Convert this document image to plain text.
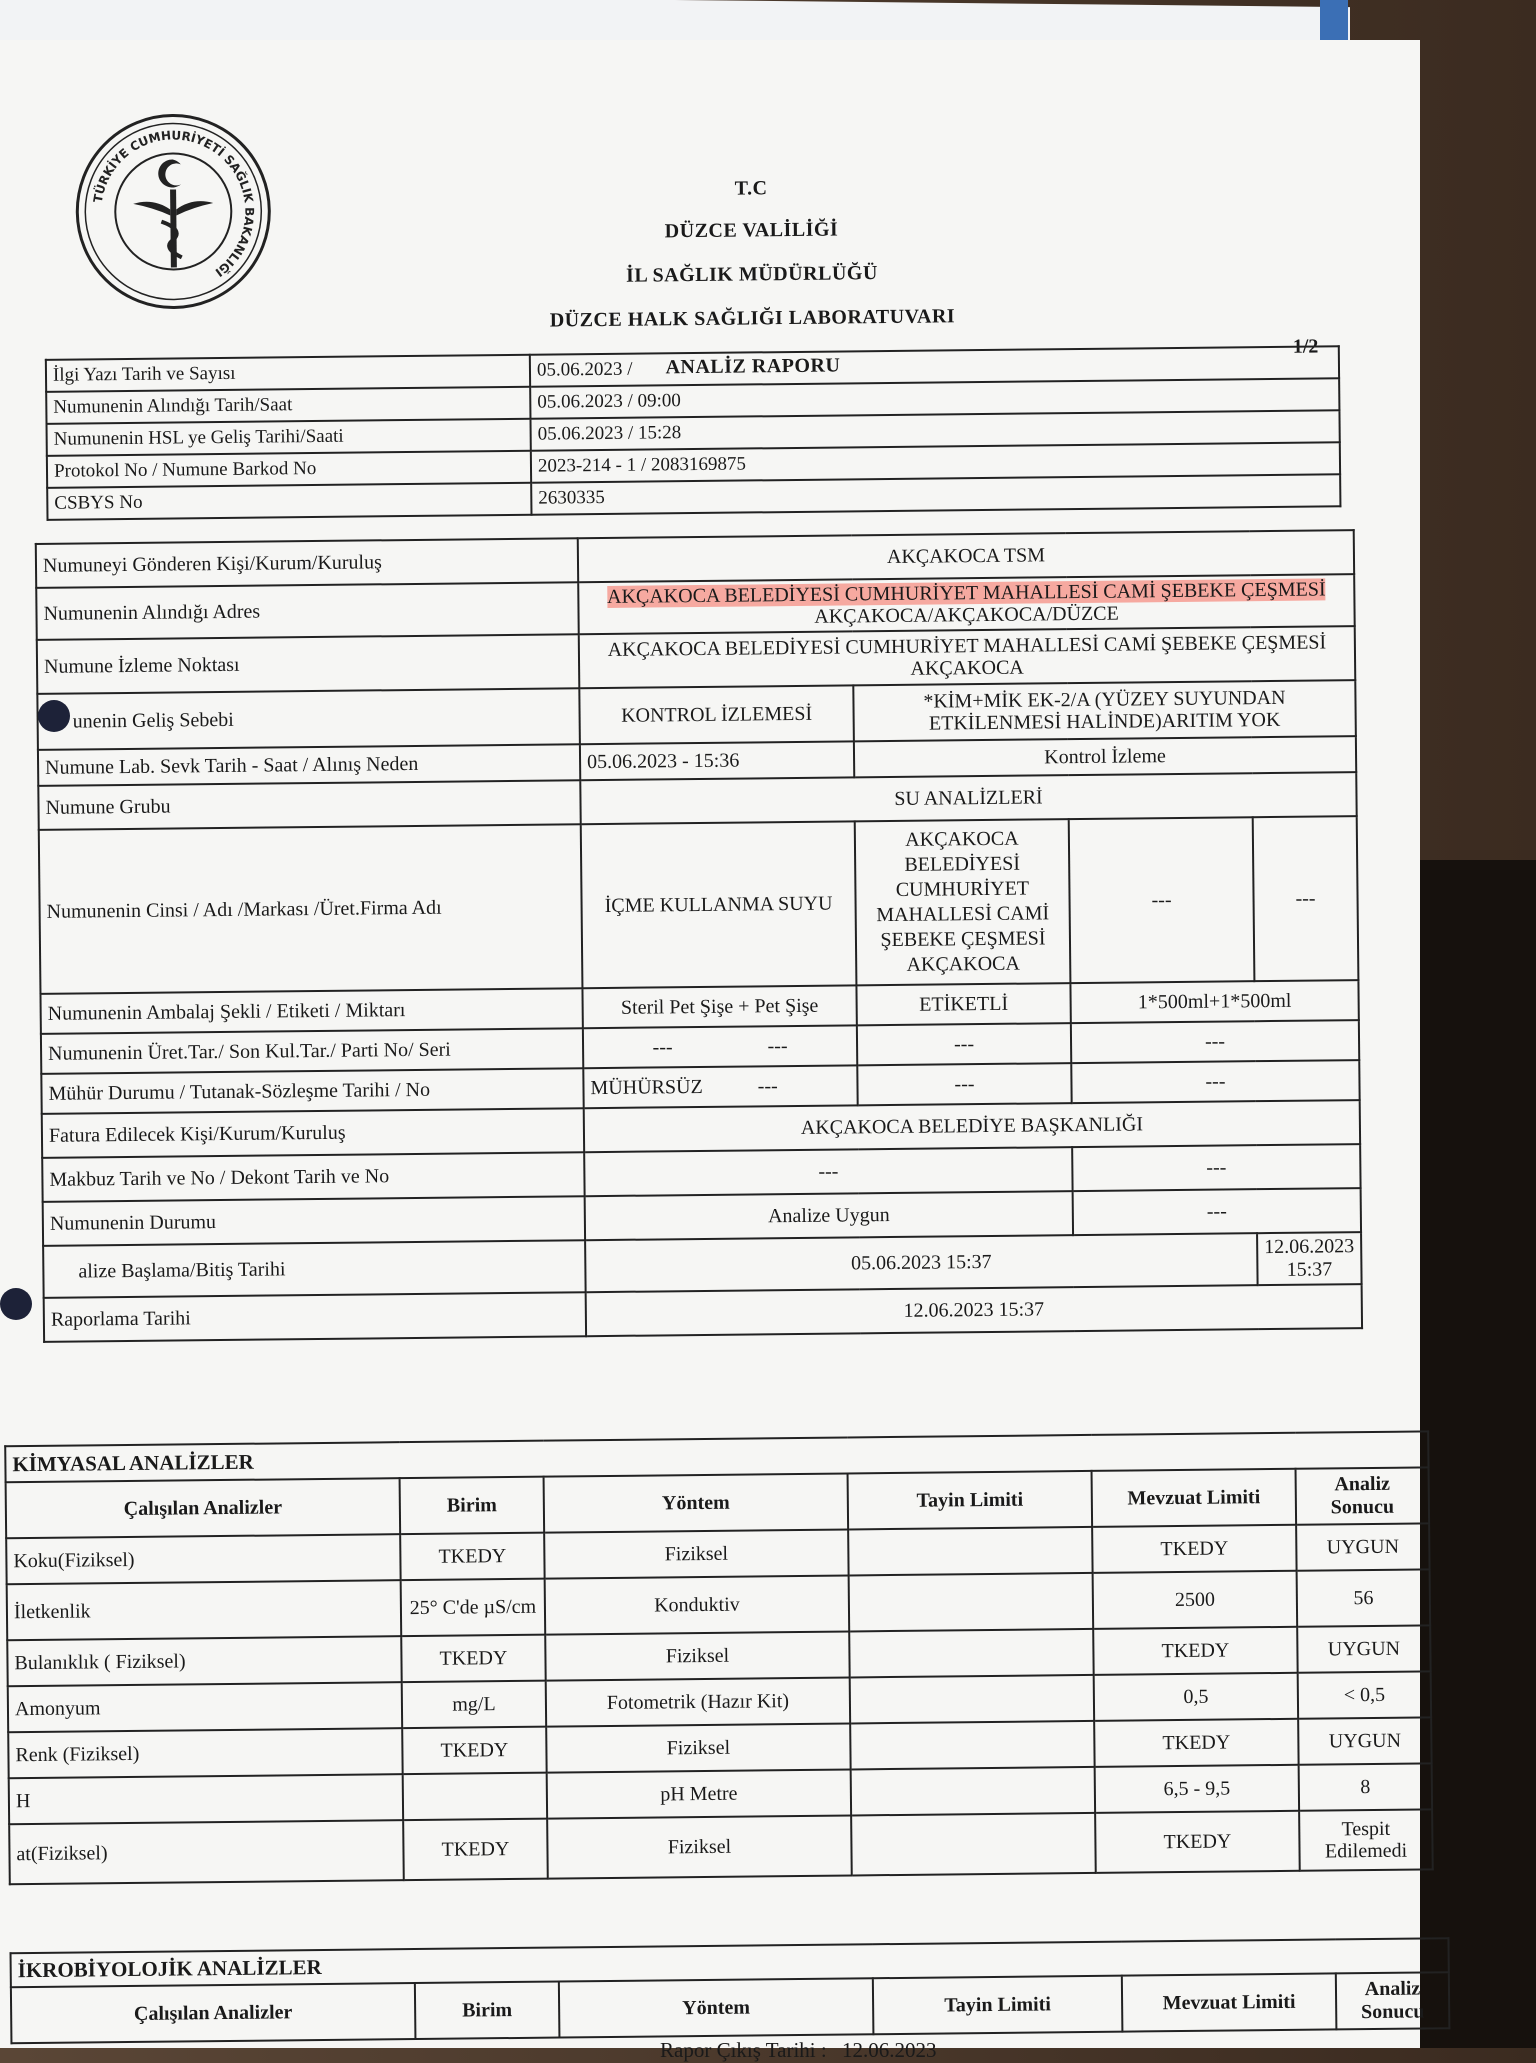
TÜRKİYE CUMHURİYETİ SAĞLIK BAKANLIĞI
T.C
DÜZCE VALİLİĞİ
İL SAĞLIK MÜDÜRLÜĞÜ
DÜZCE HALK SAĞLIĞI LABORATUVARI
ANALİZ RAPORU
1/2
İlgi Yazı Tarih ve Sayısı	05.06.2023 /
Numunenin Alındığı Tarih/Saat	05.06.2023 / 09:00
Numunenin HSL ye Geliş Tarihi/Saati	05.06.2023 / 15:28
Protokol No / Numune Barkod No	2023-214 - 1 / 2083169875
CSBYS No	2630335
Numuneyi Gönderen Kişi/Kurum/Kuruluş	AKÇAKOCA TSM			
Numunenin Alındığı Adres	AKÇAKOCA BELEDİYESİ CUMHURİYET MAHALLESİ CAMİ ŞEBEKE ÇEŞMESİ
AKÇAKOCA/AKÇAKOCA/DÜZCE			
Numune İzleme Noktası	AKÇAKOCA BELEDİYESİ CUMHURİYET MAHALLESİ CAMİ ŞEBEKE ÇEŞMESİ
AKÇAKOCA			

unenin Geliş Sebebi	KONTROL İZLEMESİ	*KİM+MİK EK-2/A (YÜZEY SUYUNDAN ETKİLENMESİ HALİNDE)ARITIM YOK		
Numune Lab. Sevk Tarih - Saat / Alınış Neden	05.06.2023 - 15:36	Kontrol İzleme		
Numune Grubu	SU ANALİZLERİ			
Numunenin Cinsi / Adı /Markası /Üret.Firma Adı	İÇME KULLANMA SUYU	AKÇAKOCA BELEDİYESİ CUMHURİYET MAHALLESİ CAMİ ŞEBEKE ÇEŞMESİ AKÇAKOCA	---	---
Numunenin Ambalaj Şekli / Etiketi / Miktarı	Steril Pet Şişe + Pet Şişe	ETİKETLİ	1*500ml+1*500ml	
Numunenin Üret.Tar./ Son Kul.Tar./ Parti No/ Seri	--- ---	---	---	
Mühür Durumu / Tutanak-Sözleşme Tarihi / No	MÜHÜRSÜZ ---	---	---	
Fatura Edilecek Kişi/Kurum/Kuruluş	AKÇAKOCA BELEDİYE BAŞKANLIĞI			
Makbuz Tarih ve No / Dekont Tarih ve No	---		---	
Numunenin Durumu	Analize Uygun		---	
alize Başlama/Bitiş Tarihi	05.06.2023 15:37			12.06.2023 15:37
Raporlama Tarihi	12.06.2023 15:37			
KİMYASAL ANALİZLER					
Çalışılan Analizler	Birim	Yöntem	Tayin Limiti	Mevzuat Limiti	Analiz Sonucu
Koku(Fiziksel)	TKEDY	Fiziksel		TKEDY	UYGUN
İletkenlik	25° C'de µS/cm	Konduktiv		2500	56
Bulanıklık ( Fiziksel)	TKEDY	Fiziksel		TKEDY	UYGUN
Amonyum	mg/L	Fotometrik (Hazır Kit)		0,5	< 0,5
Renk (Fiziksel)	TKEDY	Fiziksel		TKEDY	UYGUN
H		pH Metre		6,5 - 9,5	8
at(Fiziksel)	TKEDY	Fiziksel		TKEDY	Tespit Edilemedi
İKROBİYOLOJİK ANALİZLER
Çalışılan Analizler	Birim	Yöntem	Tayin Limiti	Mevzuat Limiti	Analiz Sonucu
Rapor Çıkış Tarihi : 12.06.2023
